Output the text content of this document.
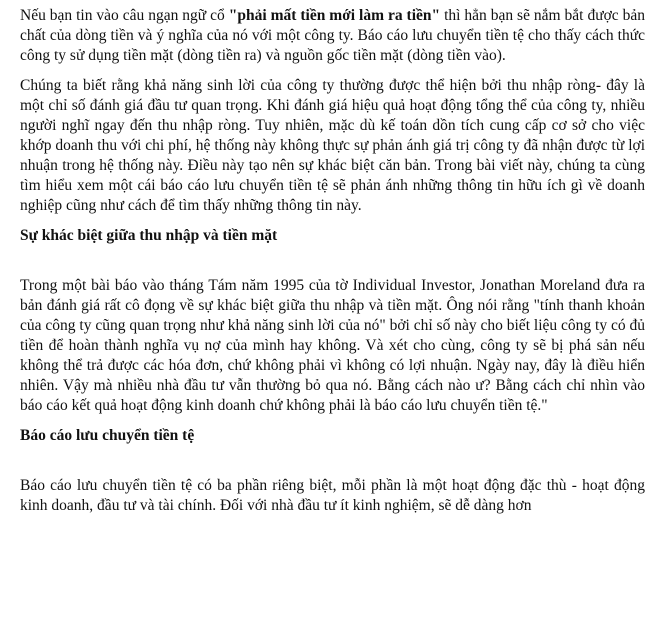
Nếu bạn tin vào câu ngạn ngữ cổ "phải mất tiền mới làm ra tiền" thì hẳn bạn sẽ nắm bắt được bản chất của dòng tiền và ý nghĩa của nó với một công ty. Báo cáo lưu chuyển tiền tệ cho thấy cách thức công ty sử dụng tiền mặt (dòng tiền ra) và nguồn gốc tiền mặt (dòng tiền vào).

Chúng ta biết rằng khả năng sinh lời của công ty thường được thể hiện bởi thu nhập ròng- đây là một chỉ số đánh giá đầu tư quan trọng. Khi đánh giá hiệu quả hoạt động tổng thể của công ty, nhiều người nghĩ ngay đến thu nhập ròng. Tuy nhiên, mặc dù kế toán dồn tích cung cấp cơ sở cho việc khớp doanh thu với chi phí, hệ thống này không thực sự phản ánh giá trị công ty đã nhận được từ lợi nhuận trong hệ thống này. Điều này tạo nên sự khác biệt căn bản. Trong bài viết này, chúng ta cùng tìm hiểu xem một cái báo cáo lưu chuyển tiền tệ sẽ phản ánh những thông tin hữu ích gì về doanh nghiệp cũng như cách để tìm thấy những thông tin này.

Sự khác biệt giữa thu nhập và tiền mặt

Trong một bài báo vào tháng Tám năm 1995 của tờ Individual Investor, Jonathan Moreland đưa ra bản đánh giá rất cô đọng về sự khác biệt giữa thu nhập và tiền mặt. Ông nói rằng "tính thanh khoản của công ty cũng quan trọng như khả năng sinh lời của nó" bởi chỉ số này cho biết liệu công ty có đủ tiền để hoàn thành nghĩa vụ nợ của mình hay không. Và xét cho cùng, công ty sẽ bị phá sản nếu không thể trả được các hóa đơn, chứ không phải vì không có lợi nhuận. Ngày nay, đây là điều hiển nhiên. Vậy mà nhiều nhà đầu tư vẫn thường bỏ qua nó. Bằng cách nào ư? Bằng cách chỉ nhìn vào báo cáo kết quả hoạt động kinh doanh chứ không phải là báo cáo lưu chuyển tiền tệ."

Báo cáo lưu chuyển tiền tệ

Báo cáo lưu chuyển tiền tệ có ba phần riêng biệt, mỗi phần là một hoạt động đặc thù - hoạt động kinh doanh, đầu tư và tài chính. Đối với nhà đầu tư ít kinh nghiệm, sẽ dễ dàng hơn
